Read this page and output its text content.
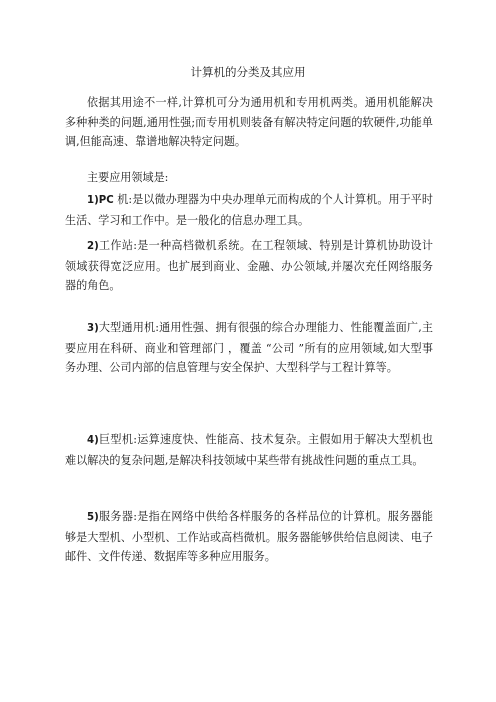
计算机的分类及其应用

依据其用途不一样,计算机可分为通用机和专用机两类。通用机能解决多种种类的问题,通用性强;而专用机则装备有解决特定问题的软硬件,功能单调,但能高速、靠谱地解决特定问题。

主要应用领域是:

1)PC 机:是以微办理器为中央办理单元而构成的个人计算机。用于平时生活、学习和工作中。是一般化的信息办理工具。

2)工作站:是一种高档微机系统。在工程领域、特别是计算机协助设计领域获得宽泛应用。也扩展到商业、金融、办公领域,并屡次充任网络服务器的角色。

3)大型通用机:通用性强、拥有很强的综合办理能力、性能覆盖面广,主要应用在科研、商业和管理部门 ，覆盖 “公司 ”所有的应用领域,如大型事务办理、公司内部的信息管理与安全保护、大型科学与工程计算等。

4)巨型机:运算速度快、性能高、技术复杂。主假如用于解决大型机也难以解决的复杂问题,是解决科技领域中某些带有挑战性问题的重点工具。

5)服务器:是指在网络中供给各样服务的各样品位的计算机。服务器能够是大型机、小型机、工作站或高档微机。服务器能够供给信息阅读、电子邮件、文件传递、数据库等多种应用服务。
